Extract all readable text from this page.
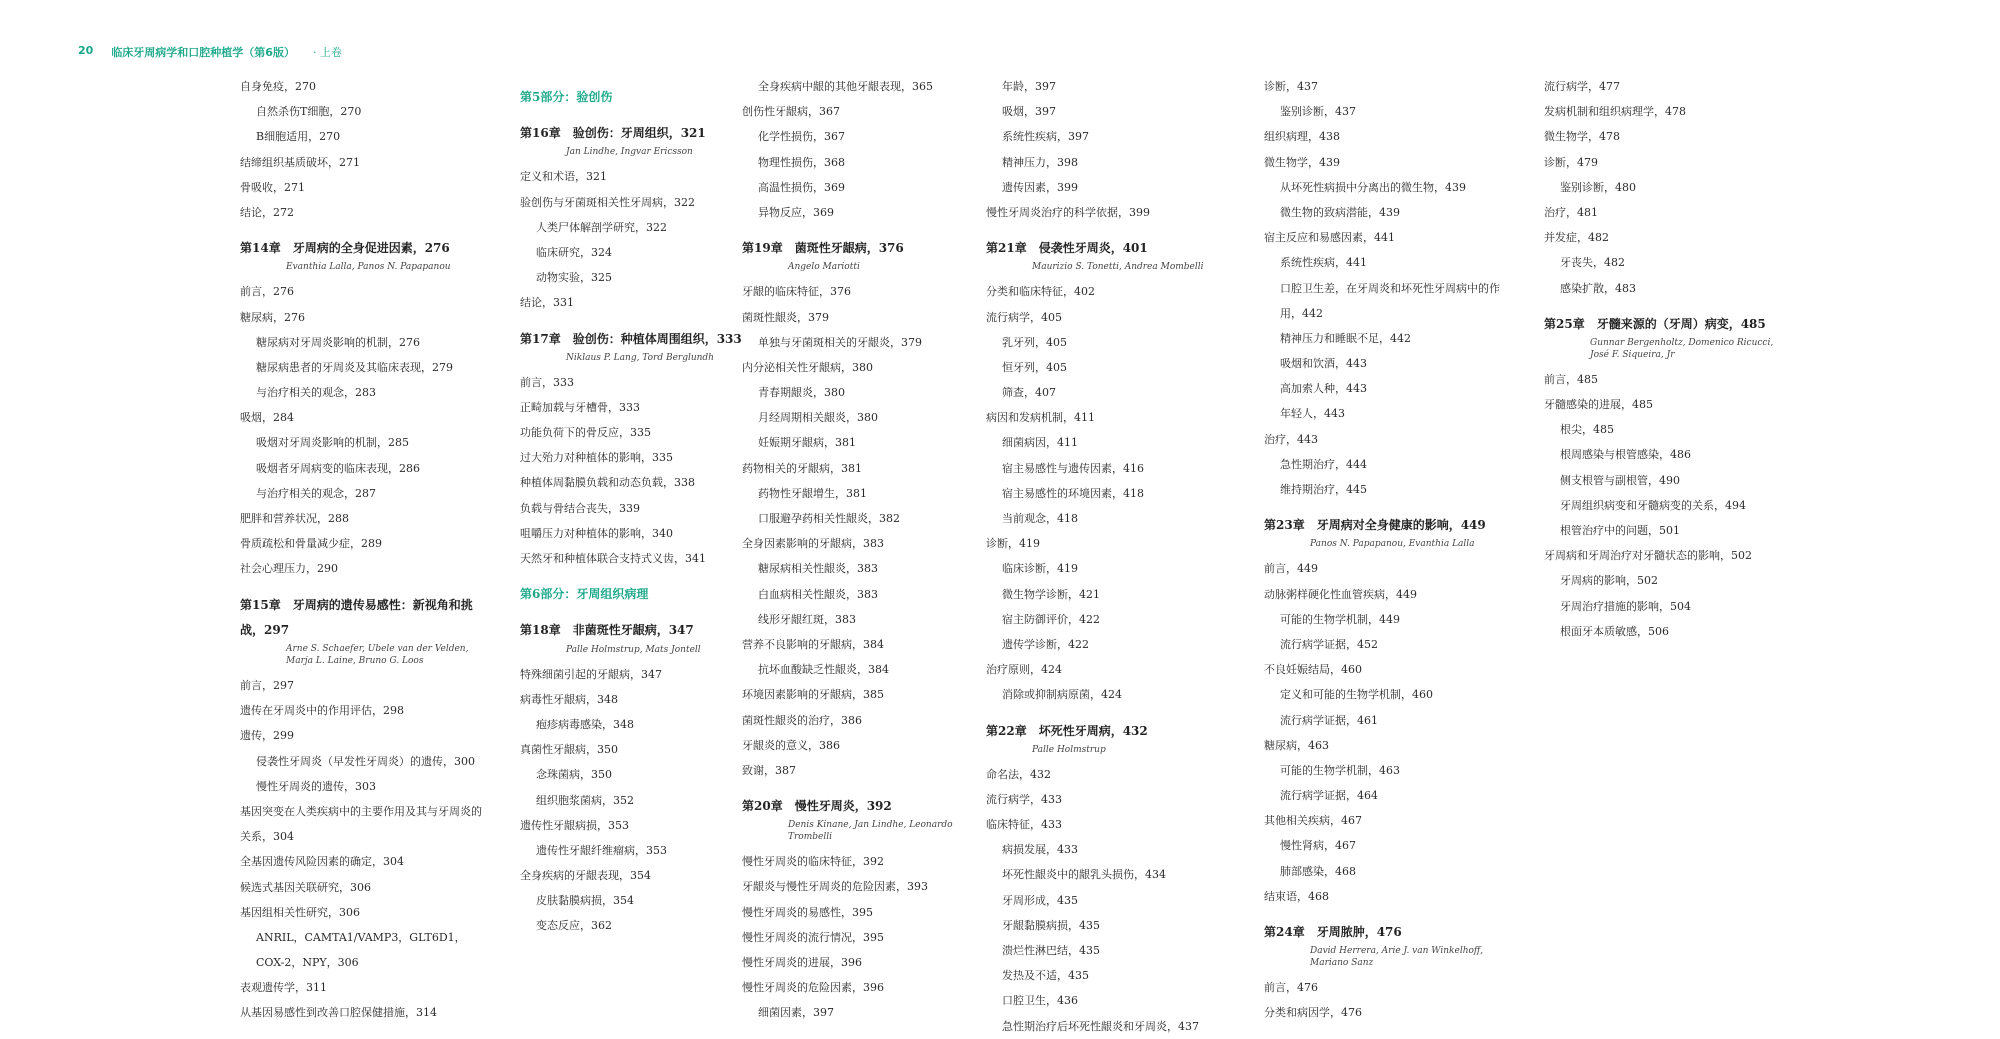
20 临床牙周病学和口腔种植学（第6版） · 上卷
自身免疫，270
自然杀伤T细胞，270
B细胞适用，270
结缔组织基质破坏，271
骨吸收，271
结论，272
第14章　牙周病的全身促进因素，276
Evanthia Lalla, Panos N. Papapanou
前言，276
糖尿病，276
糖尿病对牙周炎影响的机制，276
糖尿病患者的牙周炎及其临床表现，279
与治疗相关的观念，283
吸烟，284
吸烟对牙周炎影响的机制，285
吸烟者牙周病变的临床表现，286
与治疗相关的观念，287
肥胖和营养状况，288
骨质疏松和骨量减少症，289
社会心理压力，290
第15章　牙周病的遗传易感性：新视角和挑战，297
Arne S. Schaefer, Ubele van der Velden, Marja L. Laine, Bruno G. Loos
前言，297
遗传在牙周炎中的作用评估，298
遗传，299
侵袭性牙周炎（早发性牙周炎）的遗传，300
慢性牙周炎的遗传，303
基因突变在人类疾病中的主要作用及其与牙周炎的关系，304
全基因遗传风险因素的确定，304
候选式基因关联研究，306
基因组相关性研究，306
ANRIL，CAMTA1/VAMP3，GLT6D1，COX-2，NPY，306
表观遗传学，311
从基因易感性到改善口腔保健措施，314
第5部分：验创伤
第16章　验创伤：牙周组织，321
Jan Lindhe, Ingvar Ericsson
定义和术语，321
验创伤与牙菌斑相关性牙周病，322
人类尸体解剖学研究，322
临床研究，324
动物实验，325
结论，331
第17章　验创伤：种植体周围组织，333
Niklaus P. Lang, Tord Berglundh
前言，333
正畸加载与牙槽骨，333
功能负荷下的骨反应，335
过大殆力对种植体的影响，335
种植体周黏膜负载和动态负载，338
负载与骨结合丧失，339
咀嚼压力对种植体的影响，340
天然牙和种植体联合支持式义齿，341
第6部分：牙周组织病理
第18章　非菌斑性牙龈病，347
Palle Holmstrup, Mats Jontell
特殊细菌引起的牙龈病，347
病毒性牙龈病，348
疱疹病毒感染，348
真菌性牙龈病，350
念珠菌病，350
组织胞浆菌病，352
遗传性牙龈病损，353
遗传性牙龈纤维瘤病，353
全身疾病的牙龈表现，354
皮肤黏膜病损，354
变态反应，362
全身疾病中龈的其他牙龈表现，365
创伤性牙龈病，367
化学性损伤，367
物理性损伤，368
高温性损伤，369
异物反应，369
第19章　菌斑性牙龈病，376
Angelo Mariotti
牙龈的临床特征，376
菌斑性龈炎，379
单独与牙菌斑相关的牙龈炎，379
内分泌相关性牙龈病，380
青春期龈炎，380
月经周期相关龈炎，380
妊娠期牙龈病，381
药物相关的牙龈病，381
药物性牙龈增生，381
口服避孕药相关性龈炎，382
全身因素影响的牙龈病，383
糖尿病相关性龈炎，383
白血病相关性龈炎，383
线形牙龈红斑，383
营养不良影响的牙龈病，384
抗坏血酸缺乏性龈炎，384
环境因素影响的牙龈病，385
菌斑性龈炎的治疗，386
牙龈炎的意义，386
致谢，387
第20章　慢性牙周炎，392
Denis Kinane, Jan Lindhe, Leonardo Trombelli
慢性牙周炎的临床特征，392
牙龈炎与慢性牙周炎的危险因素，393
慢性牙周炎的易感性，395
慢性牙周炎的流行情况，395
慢性牙周炎的进展，396
慢性牙周炎的危险因素，396
细菌因素，397
年龄，397
吸烟，397
系统性疾病，397
精神压力，398
遗传因素，399
慢性牙周炎治疗的科学依据，399
第21章　侵袭性牙周炎，401
Maurizio S. Tonetti, Andrea Mombelli
分类和临床特征，402
流行病学，405
乳牙列，405
恒牙列，405
筛查，407
病因和发病机制，411
细菌病因，411
宿主易感性与遗传因素，416
宿主易感性的环境因素，418
当前观念，418
诊断，419
临床诊断，419
微生物学诊断，421
宿主防御评价，422
遗传学诊断，422
治疗原则，424
消除或抑制病原菌，424
第22章　坏死性牙周病，432
Palle Holmstrup
命名法，432
流行病学，433
临床特征，433
病损发展，433
坏死性龈炎中的龈乳头损伤，434
牙周形成，435
牙龈黏膜病损，435
溃烂性淋巴结，435
发热及不适，435
口腔卫生，436
急性期治疗后坏死性龈炎和牙周炎，437
诊断，437
鉴别诊断，437
组织病理，438
微生物学，439
从坏死性病损中分离出的微生物，439
微生物的致病潜能，439
宿主反应和易感因素，441
系统性疾病，441
口腔卫生差，在牙周炎和坏死性牙周病中的作用，442
精神压力和睡眠不足，442
吸烟和饮酒，443
高加索人种，443
年轻人，443
治疗，443
急性期治疗，444
维持期治疗，445
第23章　牙周病对全身健康的影响，449
Panos N. Papapanou, Evanthia Lalla
前言，449
动脉粥样硬化性血管疾病，449
可能的生物学机制，449
流行病学证据，452
不良妊娠结局，460
定义和可能的生物学机制，460
流行病学证据，461
糖尿病，463
可能的生物学机制，463
流行病学证据，464
其他相关疾病，467
慢性肾病，467
肺部感染，468
结束语，468
第24章　牙周脓肿，476
David Herrera, Arie J. van Winkelhoff, Mariano Sanz
前言，476
分类和病因学，476
流行病学，477
发病机制和组织病理学，478
微生物学，478
诊断，479
鉴别诊断，480
治疗，481
并发症，482
牙丧失，482
感染扩散，483
第25章　牙髓来源的（牙周）病变，485
Gunnar Bergenholtz, Domenico Ricucci, José F. Siqueira, Jr
前言，485
牙髓感染的进展，485
根尖，485
根周感染与根管感染，486
侧支根管与副根管，490
牙周组织病变和牙髓病变的关系，494
根管治疗中的问题，501
牙周病和牙周治疗对牙髓状态的影响，502
牙周病的影响，502
牙周治疗措施的影响，504
根面牙本质敏感，506
